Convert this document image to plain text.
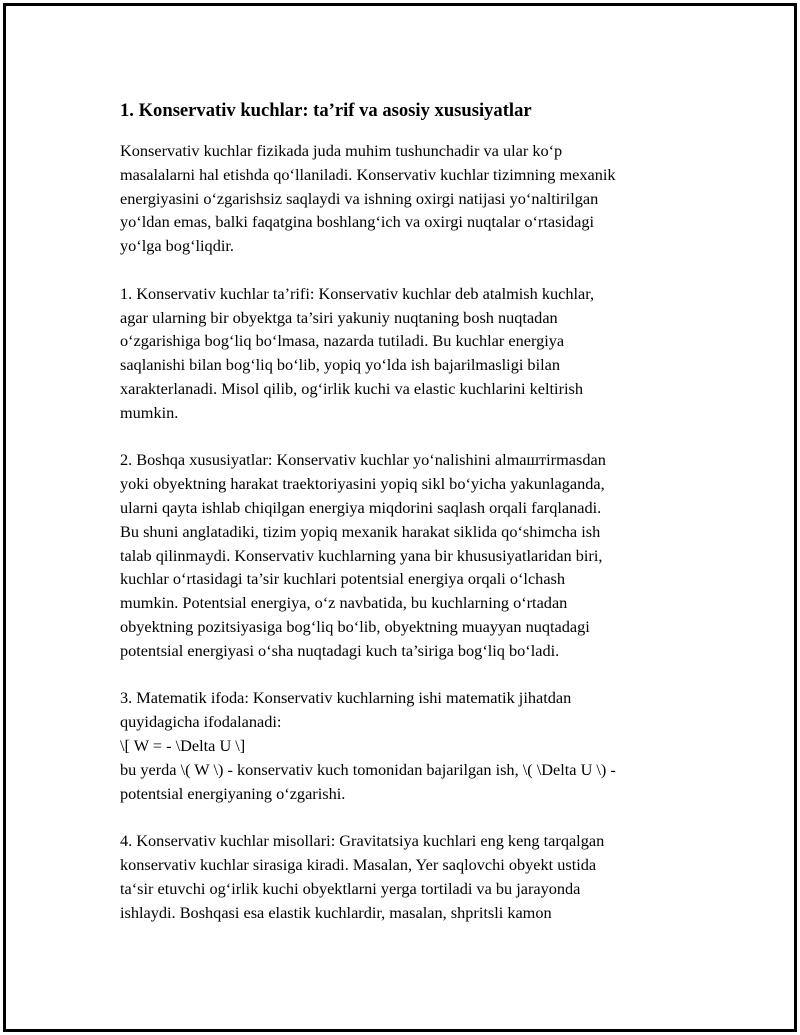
1. Konservativ kuchlar: ta’rif va asosiy xususiyatlar

Konservativ kuchlar fizikada juda muhim tushunchadir va ular ko‘p
masalalarni hal etishda qo‘llaniladi. Konservativ kuchlar tizimning mexanik
energiyasini o‘zgarishsiz saqlaydi va ishning oxirgi natijasi yo‘naltirilgan
yo‘ldan emas, balki faqatgina boshlang‘ich va oxirgi nuqtalar o‘rtasidagi
yo‘lga bog‘liqdir.

1. Konservativ kuchlar ta’rifi: Konservativ kuchlar deb atalmish kuchlar,
agar ularning bir obyektga ta’siri yakuniy nuqtaning bosh nuqtadan
o‘zgarishiga bog‘liq bo‘lmasa, nazarda tutiladi. Bu kuchlar energiya
saqlanishi bilan bog‘liq bo‘lib, yopiq yo‘lda ish bajarilmasligi bilan
xarakterlanadi. Misol qilib, og‘irlik kuchi va elastic kuchlarini keltirish
mumkin.

2. Boshqa xususiyatlar: Konservativ kuchlar yo‘nalishini almaштirmasdan
yoki obyektning harakat traektoriyasini yopiq sikl bo‘yicha yakunlaganda,
ularni qayta ishlab chiqilgan energiya miqdorini saqlash orqali farqlanadi.
Bu shuni anglatadiki, tizim yopiq mexanik harakat siklida qo‘shimcha ish
talab qilinmaydi. Konservativ kuchlarning yana bir khususiyatlaridan biri,
kuchlar o‘rtasidagi ta’sir kuchlari potentsial energiya orqali o‘lchash
mumkin. Potentsial energiya, o‘z navbatida, bu kuchlarning o‘rtadan
obyektning pozitsiyasiga bog‘liq bo‘lib, obyektning muayyan nuqtadagi
potentsial energiyasi o‘sha nuqtadagi kuch ta’siriga bog‘liq bo‘ladi.

3. Matematik ifoda: Konservativ kuchlarning ishi matematik jihatdan
quyidagicha ifodalanadi:
\[ W = - \Delta U \]
bu yerda \( W \) - konservativ kuch tomonidan bajarilgan ish, \( \Delta U \) -
potentsial energiyaning o‘zgarishi.

4. Konservativ kuchlar misollari: Gravitatsiya kuchlari eng keng tarqalgan
konservativ kuchlar sirasiga kiradi. Masalan, Yer saqlovchi obyekt ustida
ta‘sir etuvchi og‘irlik kuchi obyektlarni yerga tortiladi va bu jarayonda
ishlaydi. Boshqasi esa elastik kuchlardir, masalan, shpritsli kamon
